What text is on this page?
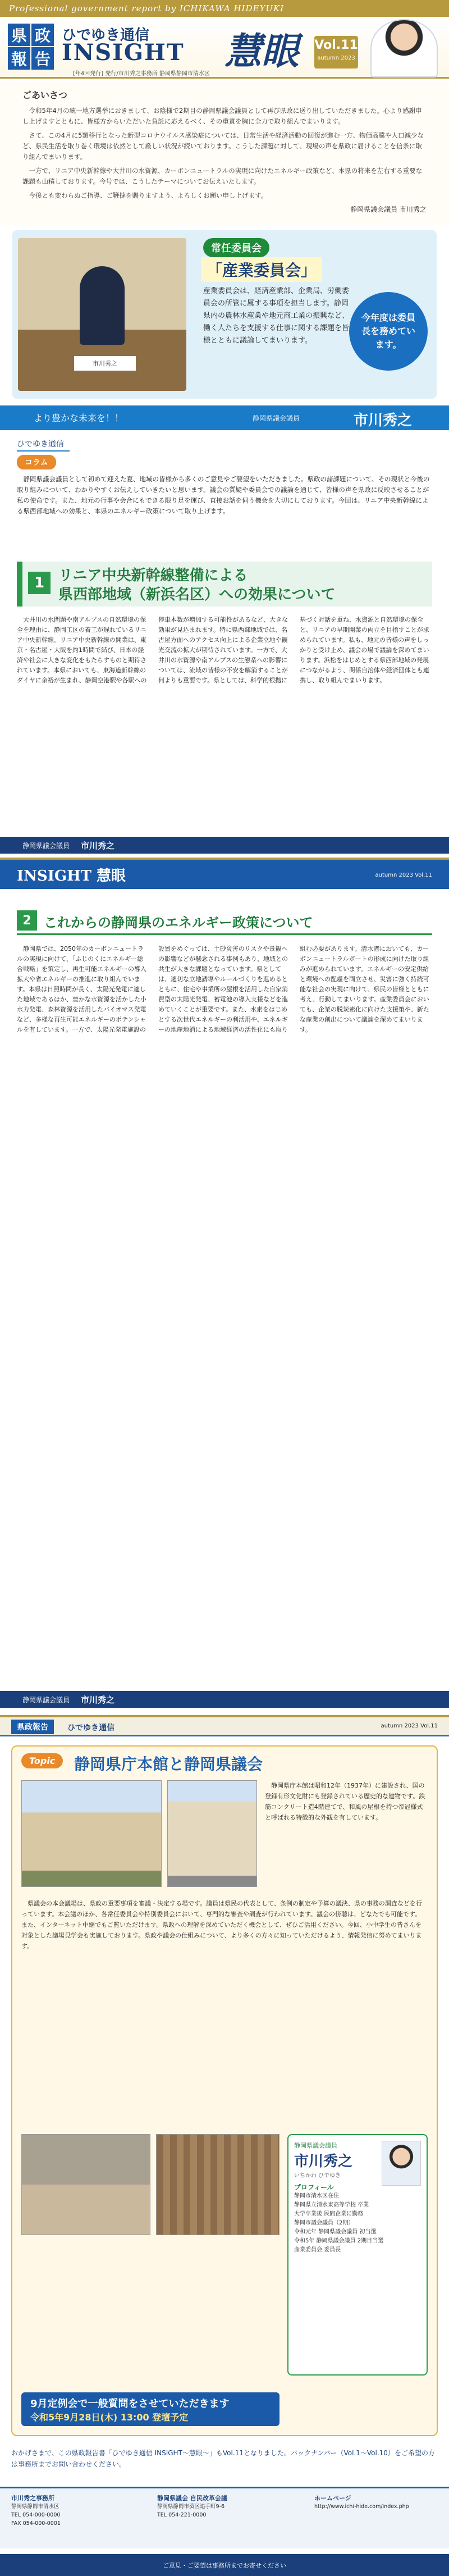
Professional government report by ICHIKAWA HIDEYUKI
県 政
報 告
ひでゆき通信
INSIGHT 慧眼
[年4回発行] 発行/市川秀之事務所 静岡県静岡市清水区
Vol.11
autumn 2023
ごあいさつ

令和5年4月の統一地方選挙におきまして、お陰様で2期目の静岡県議会議員として再び県政に送り出していただきました。心より感謝申し上げますとともに、皆様方からいただいた負託に応えるべく、その重責を胸に全力で取り組んでまいります。

さて、この4月に5類移行となった新型コロナウイルス感染症については、日常生活や経済活動の回復が進む一方、物価高騰や人口減少など、県民生活を取り巻く環境は依然として厳しい状況が続いております。こうした課題に対して、現場の声を県政に届けることを信条に取り組んでまいります。

一方で、リニア中央新幹線や大井川の水資源、カーボンニュートラルの実現に向けたエネルギー政策など、本県の将来を左右する重要な課題も山積しております。今号では、こうしたテーマについてお伝えいたします。

今後とも変わらぬご指導、ご鞭撻を賜りますよう、よろしくお願い申し上げます。

静岡県議会議員 市川秀之
市川秀之
常任委員会
「産業委員会」
産業委員会は、経済産業部、企業局、労働委員会の所管に属する事項を担当します。静岡県内の農林水産業や地元商工業の振興など、働く人たちを支援する仕事に関する課題を皆様とともに議論してまいります。
今年度は委員長を務めています。
より豊かな未来を！！	静岡県議会議員	市川秀之
ひでゆき通信
コラム

静岡県議会議員として初めて迎えた夏、地域の皆様から多くのご意見やご要望をいただきました。県政の諸課題について、その現状と今後の取り組みについて、わかりやすくお伝えしていきたいと思います。議会の質疑や委員会での議論を通じて、皆様の声を県政に反映させることが私の使命です。また、地元の行事や会合にもできる限り足を運び、直接お話を伺う機会を大切にしております。今回は、リニア中央新幹線による県西部地域への効果と、本県のエネルギー政策について取り上げます。

1 リニア中央新幹線整備による
県西部地域（新浜名区）への効果について

大井川の水問題や南アルプスの自然環境の保全を理由に、静岡工区の着工が遅れているリニア中央新幹線。リニア中央新幹線の開業は、東京・名古屋・大阪を約1時間で結び、日本の経済や社会に大きな変化をもたらすものと期待されています。本県においても、東海道新幹線のダイヤに余裕が生まれ、静岡空港駅や各駅への停車本数が増加する可能性があるなど、大きな効果が見込まれます。特に県西部地域では、名古屋方面へのアクセス向上による企業立地や観光交流の拡大が期待されています。一方で、大井川の水資源や南アルプスの生態系への影響については、流域の皆様の不安を解消することが何よりも重要です。県としては、科学的根拠に基づく対話を重ね、水資源と自然環境の保全と、リニアの早期開業の両立を目指すことが求められています。私も、地元の皆様の声をしっかりと受け止め、議会の場で議論を深めてまいります。浜松をはじめとする県西部地域の発展につながるよう、関係自治体や経済団体とも連携し、取り組んでまいります。

静岡県議会議員 市川秀之
INSIGHT 慧眼	autumn 2023 Vol.11
2 これからの静岡県のエネルギー政策について

静岡県では、2050年のカーボンニュートラルの実現に向けて、「ふじのくにエネルギー総合戦略」を策定し、再生可能エネルギーの導入拡大や省エネルギーの推進に取り組んでいます。本県は日照時間が長く、太陽光発電に適した地域であるほか、豊かな水資源を活かした小水力発電、森林資源を活用したバイオマス発電など、多様な再生可能エネルギーのポテンシャルを有しています。一方で、太陽光発電施設の設置をめぐっては、土砂災害のリスクや景観への影響などが懸念される事例もあり、地域との共生が大きな課題となっています。県としては、適切な立地誘導やルールづくりを進めるとともに、住宅や事業所の屋根を活用した自家消費型の太陽光発電、蓄電池の導入支援などを進めていくことが重要です。また、水素をはじめとする次世代エネルギーの利活用や、エネルギーの地産地消による地域経済の活性化にも取り組む必要があります。清水港においても、カーボンニュートラルポートの形成に向けた取り組みが進められています。エネルギーの安定供給と環境への配慮を両立させ、災害に強く持続可能な社会の実現に向けて、県民の皆様とともに考え、行動してまいります。産業委員会においても、企業の脱炭素化に向けた支援策や、新たな産業の創出について議論を深めてまいります。

静岡県議会議員 市川秀之
県政報告	ひでゆき通信	autumn 2023 Vol.11
Topic	静岡県庁本館と静岡県議会

静岡県庁本館は昭和12年（1937年）に建設され、国の登録有形文化財にも登録されている歴史的な建物です。鉄筋コンクリート造4階建てで、和風の屋根を持つ帝冠様式と呼ばれる特徴的な外観を有しています。

県議会の本会議場は、県政の重要事項を審議・決定する場です。議員は県民の代表として、条例の制定や予算の議決、県の事務の調査などを行っています。本会議のほか、各常任委員会や特別委員会において、専門的な審査や調査が行われています。議会の傍聴は、どなたでも可能です。また、インターネット中継でもご覧いただけます。県政への理解を深めていただく機会として、ぜひご活用ください。今回、小中学生の皆さんを対象とした議場見学会も実施しております。県政や議会の仕組みについて、より多くの方々に知っていただけるよう、情報発信に努めてまいります。

静岡県議会議員
市川秀之
いちかわ ひでゆき
プロフィール
静岡市清水区在住
静岡県立清水東高等学校 卒業
大学卒業後 民間企業に勤務
静岡市議会議員（2期）
令和元年 静岡県議会議員 初当選
令和5年 静岡県議会議員 2期目当選
産業委員会 委員長
9月定例会で一般質問をさせていただきます
令和5年9月28日(木) 13:00 登壇予定
おかげさまで、この県政報告書「ひでゆき通信 INSIGHT〜慧眼〜」もVol.11となりました。バックナンバー（Vol.1〜Vol.10）をご希望の方は事務所までお問い合わせください。
市川秀之事務所
静岡県静岡市清水区
TEL 054-000-0000
FAX 054-000-0001
静岡県議会 自民改革会議
静岡県静岡市葵区追手町9-6
TEL 054-221-0000
ホームページ
http://www.ichi-hide.com/index.php
ご意見・ご要望は事務所までお寄せください
